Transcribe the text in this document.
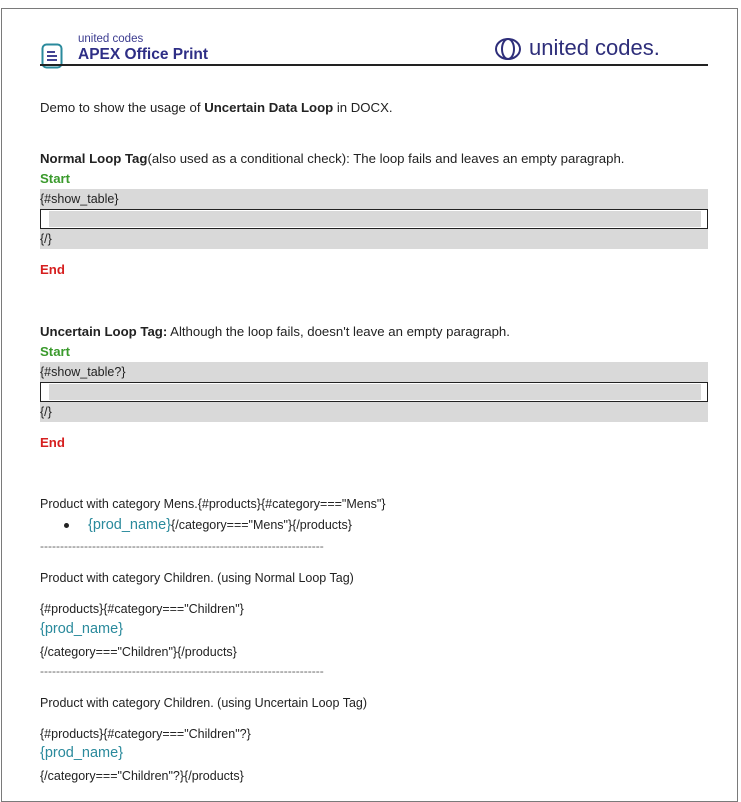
united codes
APEX Office Print	united codes.
Demo to show the usage of Uncertain Data Loop in DOCX.
Normal Loop Tag(also used as a conditional check): The loop fails and leaves an empty paragraph.
Start
{#show_table}
{/}
End
Uncertain Loop Tag: Although the loop fails, doesn't leave an empty paragraph.
Start
{#show_table?}
{/}
End
Product with category Mens.{#products}{#category==="Mens"}
{prod_name}{/category==="Mens"}{/products}
-----------------------------------------------------------------------
Product with category Children. (using Normal Loop Tag)
{#products}{#category==="Children"}
{prod_name}
{/category==="Children"}{/products}
-----------------------------------------------------------------------
Product with category Children. (using Uncertain Loop Tag)
{#products}{#category==="Children"?}
{prod_name}
{/category==="Children"?}{/products}
